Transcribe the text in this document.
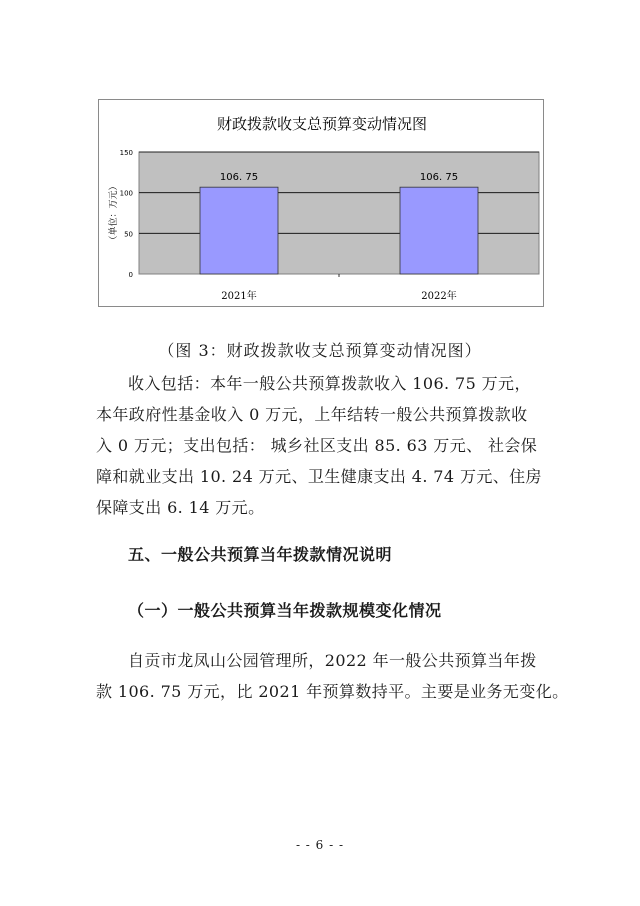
财政拨款收支总预算变动情况图
0
50
100
150
（单位：万元）
106. 75
2021年
106. 75
2022年
（图 3：财政拨款收支总预算变动情况图）
收入包括：本年一般公共预算拨款收入 106. 75 万元，
本年政府性基金收入 0 万元，上年结转一般公共预算拨款收
入 0 万元；支出包括： 城乡社区支出 85. 63 万元、 社会保
障和就业支出 10. 24 万元、卫生健康支出 4. 74 万元、住房
保障支出 6. 14 万元。
五、一般公共预算当年拨款情况说明
（一）一般公共预算当年拨款规模变化情况
自贡市龙凤山公园管理所，2022 年一般公共预算当年拨
款 106. 75 万元，比 2021 年预算数持平。主要是业务无变化。
- - 6 - -
